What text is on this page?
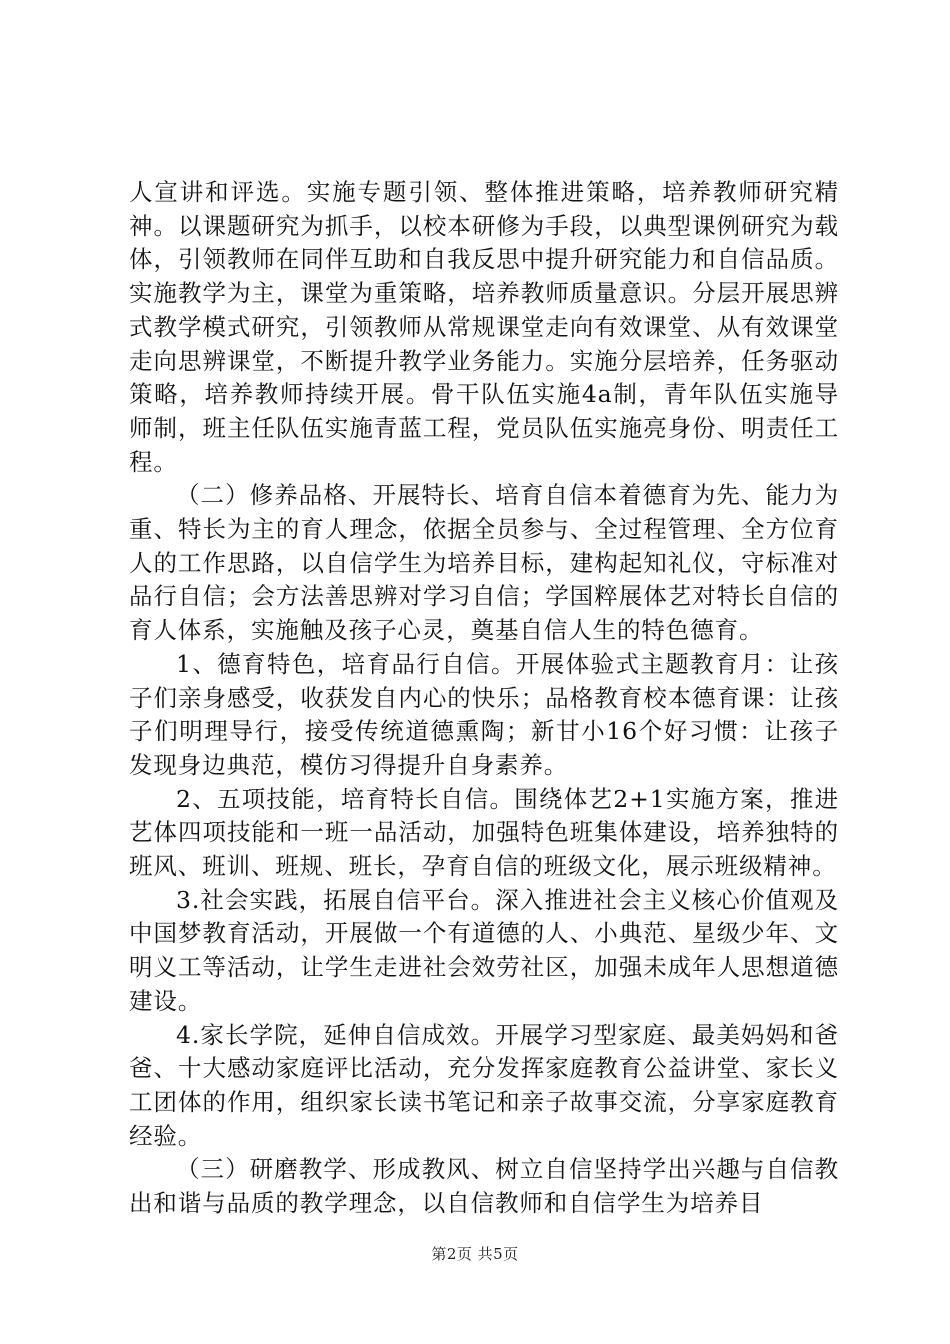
人宣讲和评选。实施专题引领、整体推进策略，培养教师研究精神。以课题研究为抓手，以校本研修为手段，以典型课例研究为载体，引领教师在同伴互助和自我反思中提升研究能力和自信品质。实施教学为主，课堂为重策略，培养教师质量意识。分层开展思辨式教学模式研究，引领教师从常规课堂走向有效课堂、从有效课堂走向思辨课堂，不断提升教学业务能力。实施分层培养，任务驱动策略，培养教师持续开展。骨干队伍实施4a制，青年队伍实施导师制，班主任队伍实施青蓝工程，党员队伍实施亮身份、明责任工程。

（二）修养品格、开展特长、培育自信本着德育为先、能力为重、特长为主的育人理念，依据全员参与、全过程管理、全方位育人的工作思路，以自信学生为培养目标，建构起知礼仪，守标准对品行自信；会方法善思辨对学习自信；学国粹展体艺对特长自信的育人体系，实施触及孩子心灵，奠基自信人生的特色德育。

1、德育特色，培育品行自信。开展体验式主题教育月：让孩子们亲身感受，收获发自内心的快乐；品格教育校本德育课：让孩子们明理导行，接受传统道德熏陶；新甘小16个好习惯：让孩子发现身边典范，模仿习得提升自身素养。

2、五项技能，培育特长自信。围绕体艺2+1实施方案，推进艺体四项技能和一班一品活动，加强特色班集体建设，培养独特的班风、班训、班规、班长，孕育自信的班级文化，展示班级精神。

3.社会实践，拓展自信平台。深入推进社会主义核心价值观及中国梦教育活动，开展做一个有道德的人、小典范、星级少年、文明义工等活动，让学生走进社会效劳社区，加强未成年人思想道德建设。

4.家长学院，延伸自信成效。开展学习型家庭、最美妈妈和爸爸、十大感动家庭评比活动，充分发挥家庭教育公益讲堂、家长义工团体的作用，组织家长读书笔记和亲子故事交流，分享家庭教育经验。

（三）研磨教学、形成教风、树立自信坚持学出兴趣与自信教出和谐与品质的教学理念，以自信教师和自信学生为培养目

第2页 共5页
